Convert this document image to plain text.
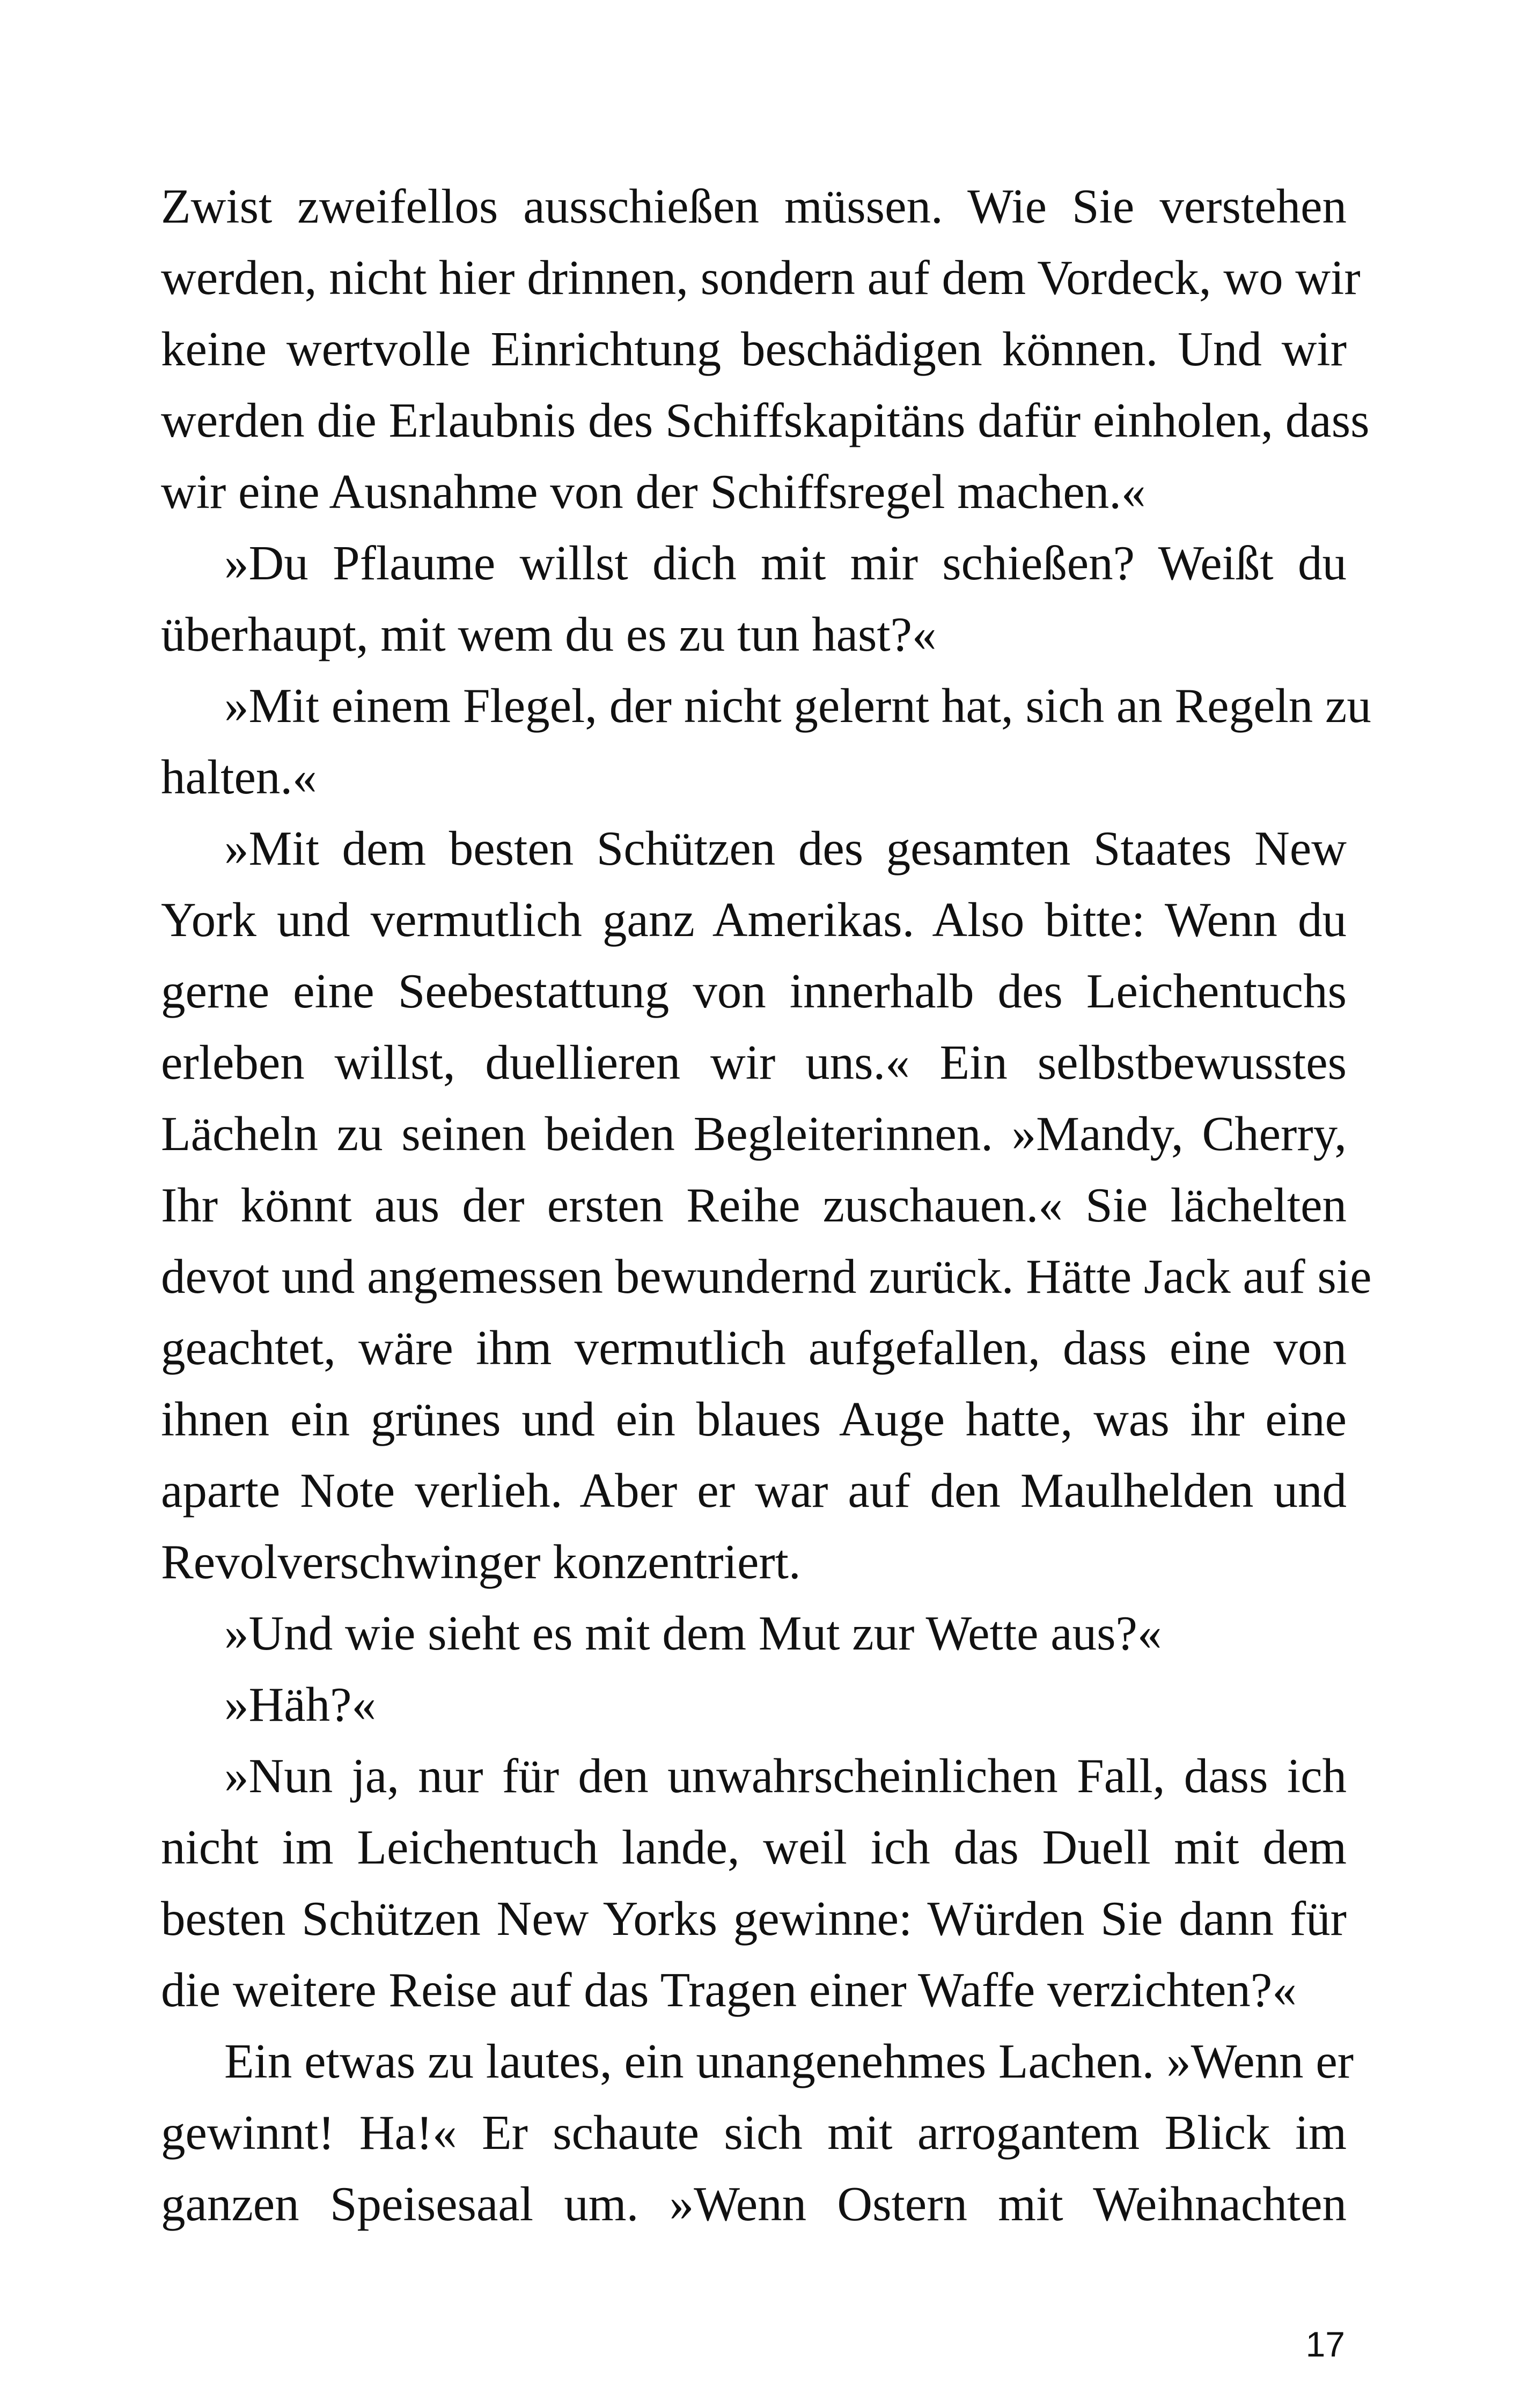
Zwist zweifellos ausschießen müssen. Wie Sie verstehen
werden, nicht hier drinnen, sondern auf dem Vordeck, wo wir
keine wertvolle Einrichtung beschädigen können. Und wir
werden die Erlaubnis des Schiffskapitäns dafür einholen, dass
wir eine Ausnahme von der Schiffsregel machen.«
»Du Pflaume willst dich mit mir schießen? Weißt du
überhaupt, mit wem du es zu tun hast?«
»Mit einem Flegel, der nicht gelernt hat, sich an Regeln zu
halten.«
»Mit dem besten Schützen des gesamten Staates New
York und vermutlich ganz Amerikas. Also bitte: Wenn du
gerne eine Seebestattung von innerhalb des Leichentuchs
erleben willst, duellieren wir uns.« Ein selbstbewusstes
Lächeln zu seinen beiden Begleiterinnen. »Mandy, Cherry,
Ihr könnt aus der ersten Reihe zuschauen.« Sie lächelten
devot und angemessen bewundernd zurück. Hätte Jack auf sie
geachtet, wäre ihm vermutlich aufgefallen, dass eine von
ihnen ein grünes und ein blaues Auge hatte, was ihr eine
aparte Note verlieh. Aber er war auf den Maulhelden und
Revolverschwinger konzentriert.
»Und wie sieht es mit dem Mut zur Wette aus?«
»Häh?«
»Nun ja, nur für den unwahrscheinlichen Fall, dass ich
nicht im Leichentuch lande, weil ich das Duell mit dem
besten Schützen New Yorks gewinne: Würden Sie dann für
die weitere Reise auf das Tragen einer Waffe verzichten?«
Ein etwas zu lautes, ein unangenehmes Lachen. »Wenn er
gewinnt! Ha!« Er schaute sich mit arrogantem Blick im
ganzen Speisesaal um. »Wenn Ostern mit Weihnachten
17
